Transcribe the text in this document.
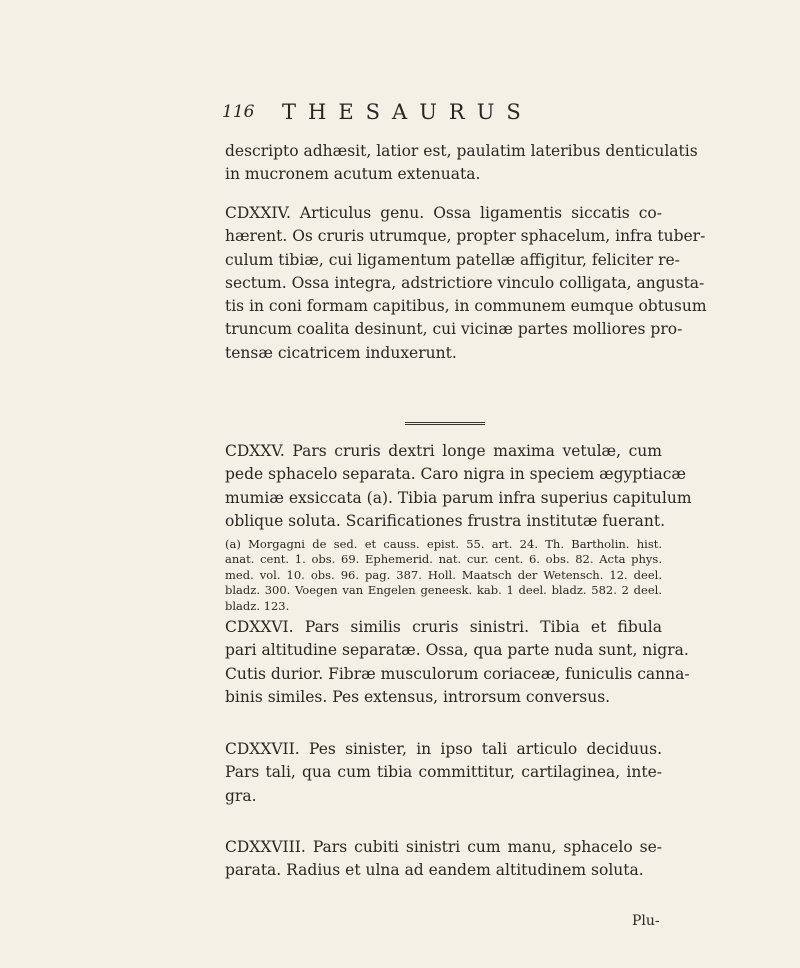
116 THESAURUS
descripto adhæsit, latior est, paulatim lateribus denticulatis
in mucronem acutum extenuata.
CDXXIV. Articulus genu. Ossa ligamentis siccatis co-
hærent. Os cruris utrumque, propter sphacelum, infra tuber-
culum tibiæ, cui ligamentum patellæ affigitur, feliciter re-
sectum. Ossa integra, adstrictiore vinculo colligata, angusta-
tis in coni formam capitibus, in communem eumque obtusum
truncum coalita desinunt, cui vicinæ partes molliores pro-
tensæ cicatricem induxerunt.
CDXXV. Pars cruris dextri longe maxima vetulæ, cum
pede sphacelo separata. Caro nigra in speciem ægyptiacæ
mumiæ exsiccata (a). Tibia parum infra superius capitulum
oblique soluta. Scarificationes frustra institutæ fuerant.
(a) Morgagni de sed. et causs. epist. 55. art. 24. Th. Bartholin. hist.
anat. cent. 1. obs. 69. Ephemerid. nat. cur. cent. 6. obs. 82. Acta phys.
med. vol. 10. obs. 96. pag. 387. Holl. Maatsch der Wetensch. 12. deel.
bladz. 300. Voegen van Engelen geneesk. kab. 1 deel. bladz. 582. 2 deel.
bladz. 123.
CDXXVI. Pars similis cruris sinistri. Tibia et fibula
pari altitudine separatæ. Ossa, qua parte nuda sunt, nigra.
Cutis durior. Fibræ musculorum coriaceæ, funiculis canna-
binis similes. Pes extensus, introrsum conversus.
CDXXVII. Pes sinister, in ipso tali articulo deciduus.
Pars tali, qua cum tibia committitur, cartilaginea, inte-
gra.
CDXXVIII. Pars cubiti sinistri cum manu, sphacelo se-
parata. Radius et ulna ad eandem altitudinem soluta.
Plu-
